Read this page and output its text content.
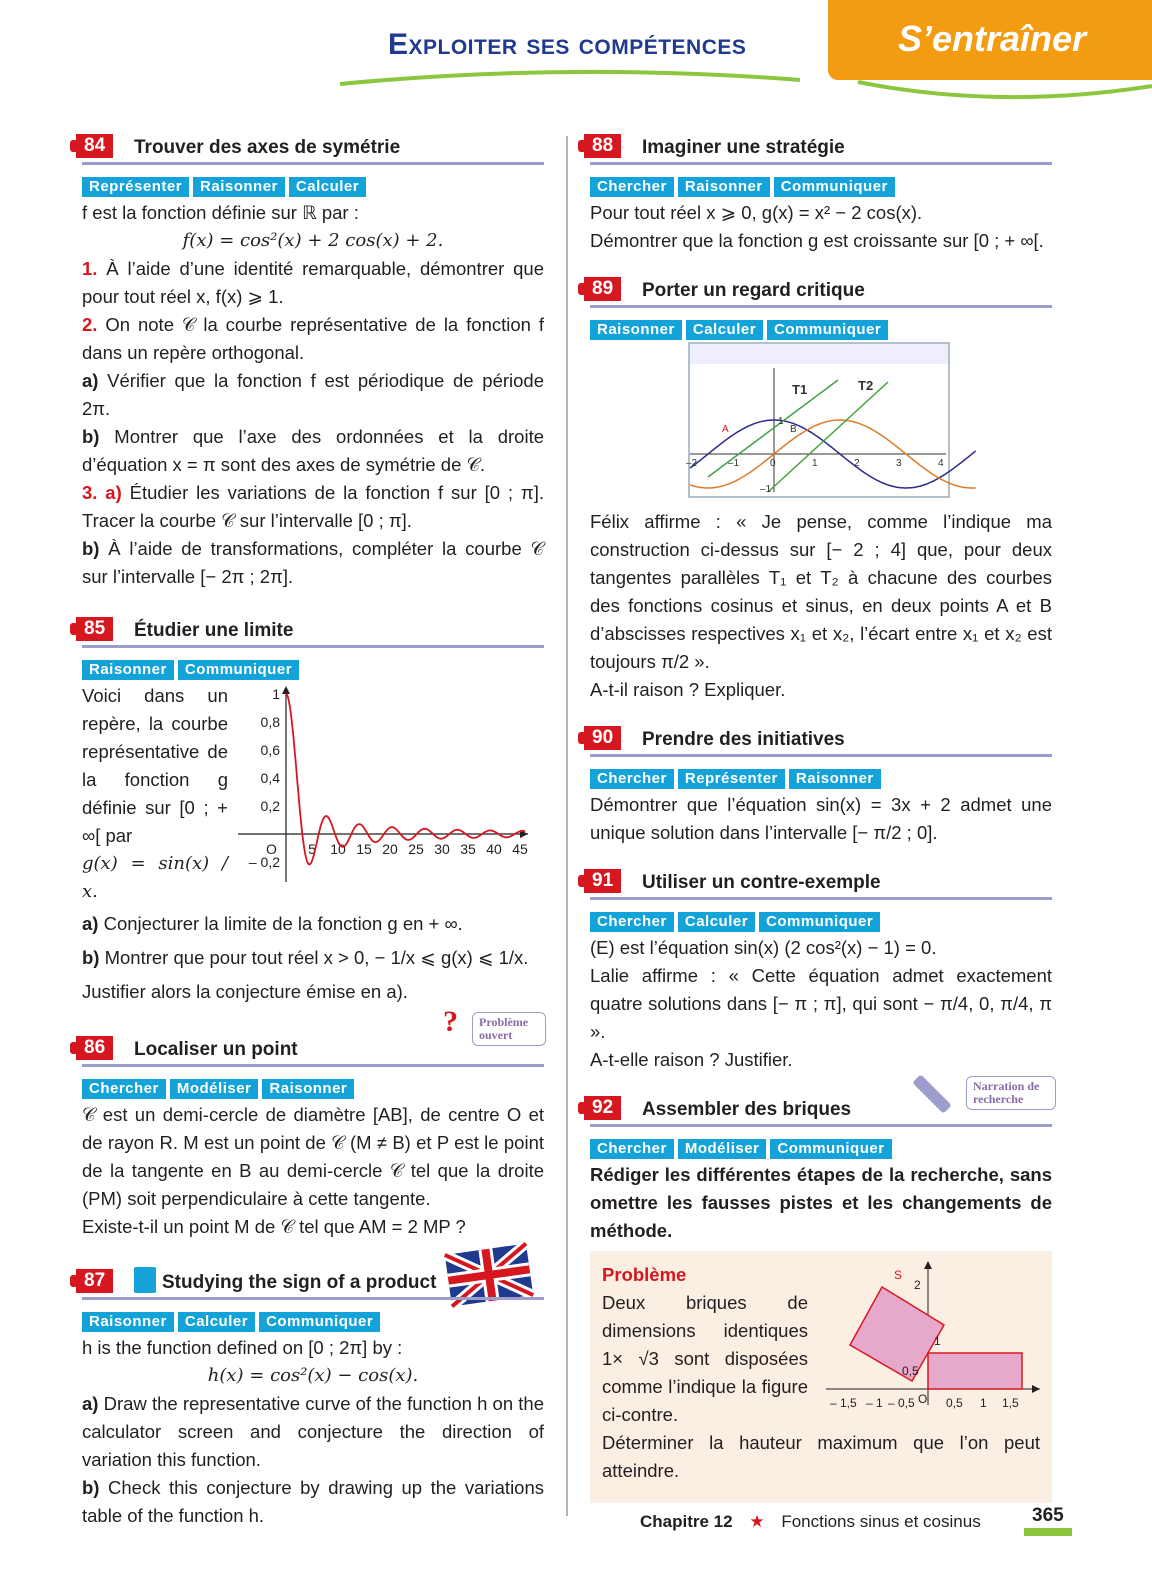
Exploiter ses compétences	S’entraîner
84	Trouver des axes de symétrie
Représenter Raisonner Calculer

f est la fonction définie sur ℝ par :

f(x) = cos²(x) + 2 cos(x) + 2.

1. À l’aide d’une identité remarquable, démontrer que pour tout réel x, f(x) ⩾ 1.

2. On note 𝒞 la courbe représentative de la fonction f dans un repère orthogonal.

a) Vérifier que la fonction f est périodique de période 2π.

b) Montrer que l’axe des ordonnées et la droite d’équation x = π sont des axes de symétrie de 𝒞.

3. a) Étudier les variations de la fonction f sur [0 ; π]. Tracer la courbe 𝒞 sur l’intervalle [0 ; π].

b) À l’aide de transformations, compléter la courbe 𝒞 sur l’intervalle [− 2π ; 2π].

85	Étudier une limite
Raisonner Communiquer

Voici dans un repère, la courbe représentative de la fonction g définie sur [0 ; + ∞[ par

g(x) = sin(x) / x.

1
0,8
0,6
0,4
0,2
– 0,2
5 10 15 20 25 30 35 40 45
O

a) Conjecturer la limite de la fonction g en + ∞.

b) Montrer que pour tout réel x > 0, − 1/x ⩽ g(x) ⩽ 1/x.

Justifier alors la conjecture émise en a).

? Problème ouvert
86	Localiser un point
Chercher Modéliser Raisonner

𝒞 est un demi-cercle de diamètre [AB], de centre O et de rayon R. M est un point de 𝒞 (M ≠ B) et P est le point de la tangente en B au demi-cercle 𝒞 tel que la droite (PM) soit perpendiculaire à cette tangente.

Existe-t-il un point M de 𝒞 tel que AM = 2 MP ?

87	Studying the sign of a product
Raisonner Calculer Communiquer

h is the function defined on [0 ; 2π] by :

h(x) = cos²(x) − cos(x).

a) Draw the representative curve of the function h on the calculator screen and conjecture the direction of variation this function.

b) Check this conjecture by drawing up the variations table of the function h.

88	Imaginer une stratégie
Chercher Raisonner Communiquer

Pour tout réel x ⩾ 0, g(x) = x² − 2 cos(x).

Démontrer que la fonction g est croissante sur [0 ; + ∞[.

89	Porter un regard critique
Raisonner Calculer Communiquer
T1	T2
A	B
–2	–1	0	1	2	3	4
–1
1

Félix affirme : « Je pense, comme l’indique ma construction ci-dessus sur [− 2 ; 4] que, pour deux tangentes parallèles T₁ et T₂ à chacune des courbes des fonctions cosinus et sinus, en deux points A et B d’abscisses respectives x₁ et x₂, l’écart entre x₁ et x₂ est toujours π/2 ».

A-t-il raison ? Expliquer.

90	Prendre des initiatives
Chercher Représenter Raisonner

Démontrer que l’équation sin(x) = 3x + 2 admet une unique solution dans l’intervalle [− π/2 ; 0].

91	Utiliser un contre-exemple
Chercher Calculer Communiquer

(E) est l’équation sin(x) (2 cos²(x) − 1) = 0.

Lalie affirme : « Cette équation admet exactement quatre solutions dans [− π ; π], qui sont − π/4, 0, π/4, π ».

A-t-elle raison ? Justifier.

Narration de recherche
92	Assembler des briques
Chercher Modéliser Communiquer

Rédiger les différentes étapes de la recherche, sans omettre les fausses pistes et les changements de méthode.

Problème

Deux briques de dimensions identiques 1× √3 sont disposées comme l’indique la figure ci-contre.

Déterminer la hauteur maximum que l’on peut atteindre.

S
2
1
0,5
– 1,5 – 1 – 0,5 O 0,5 1 1,5
Chapitre 12 ★ Fonctions sinus et cosinus	365
